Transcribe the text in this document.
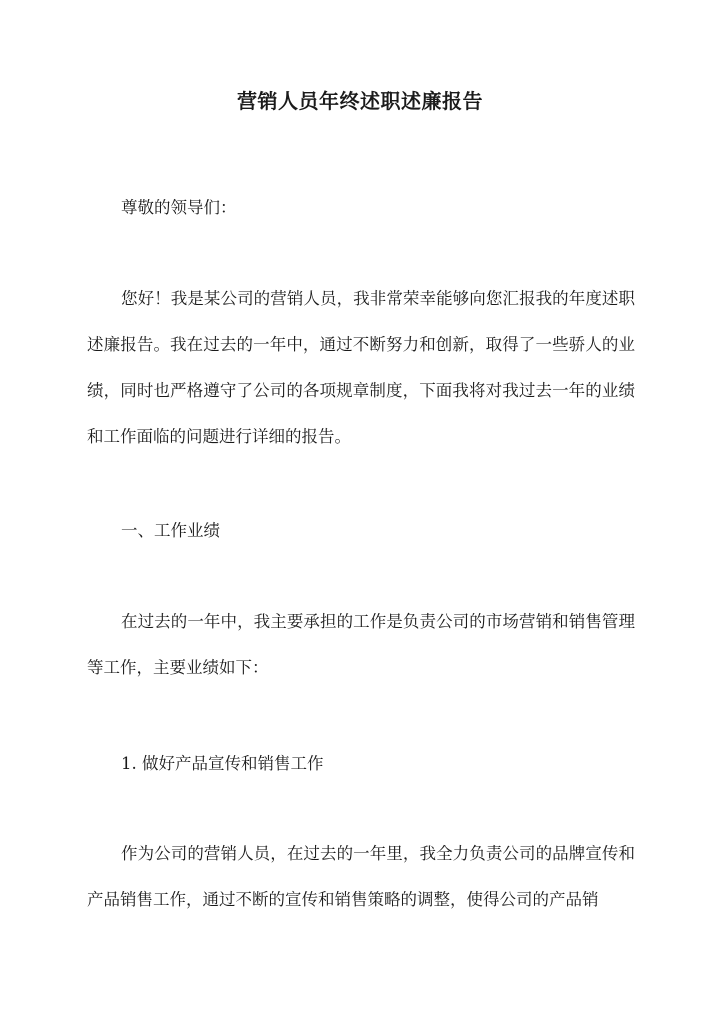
营销人员年终述职述廉报告

尊敬的领导们：

您好！我是某公司的营销人员，我非常荣幸能够向您汇报我的年度述职述廉报告。我在过去的一年中，通过不断努力和创新，取得了一些骄人的业绩，同时也严格遵守了公司的各项规章制度，下面我将对我过去一年的业绩和工作面临的问题进行详细的报告。

一、工作业绩

在过去的一年中，我主要承担的工作是负责公司的市场营销和销售管理等工作，主要业绩如下：

1. 做好产品宣传和销售工作

作为公司的营销人员，在过去的一年里，我全力负责公司的品牌宣传和产品销售工作，通过不断的宣传和销售策略的调整，使得公司的产品销
